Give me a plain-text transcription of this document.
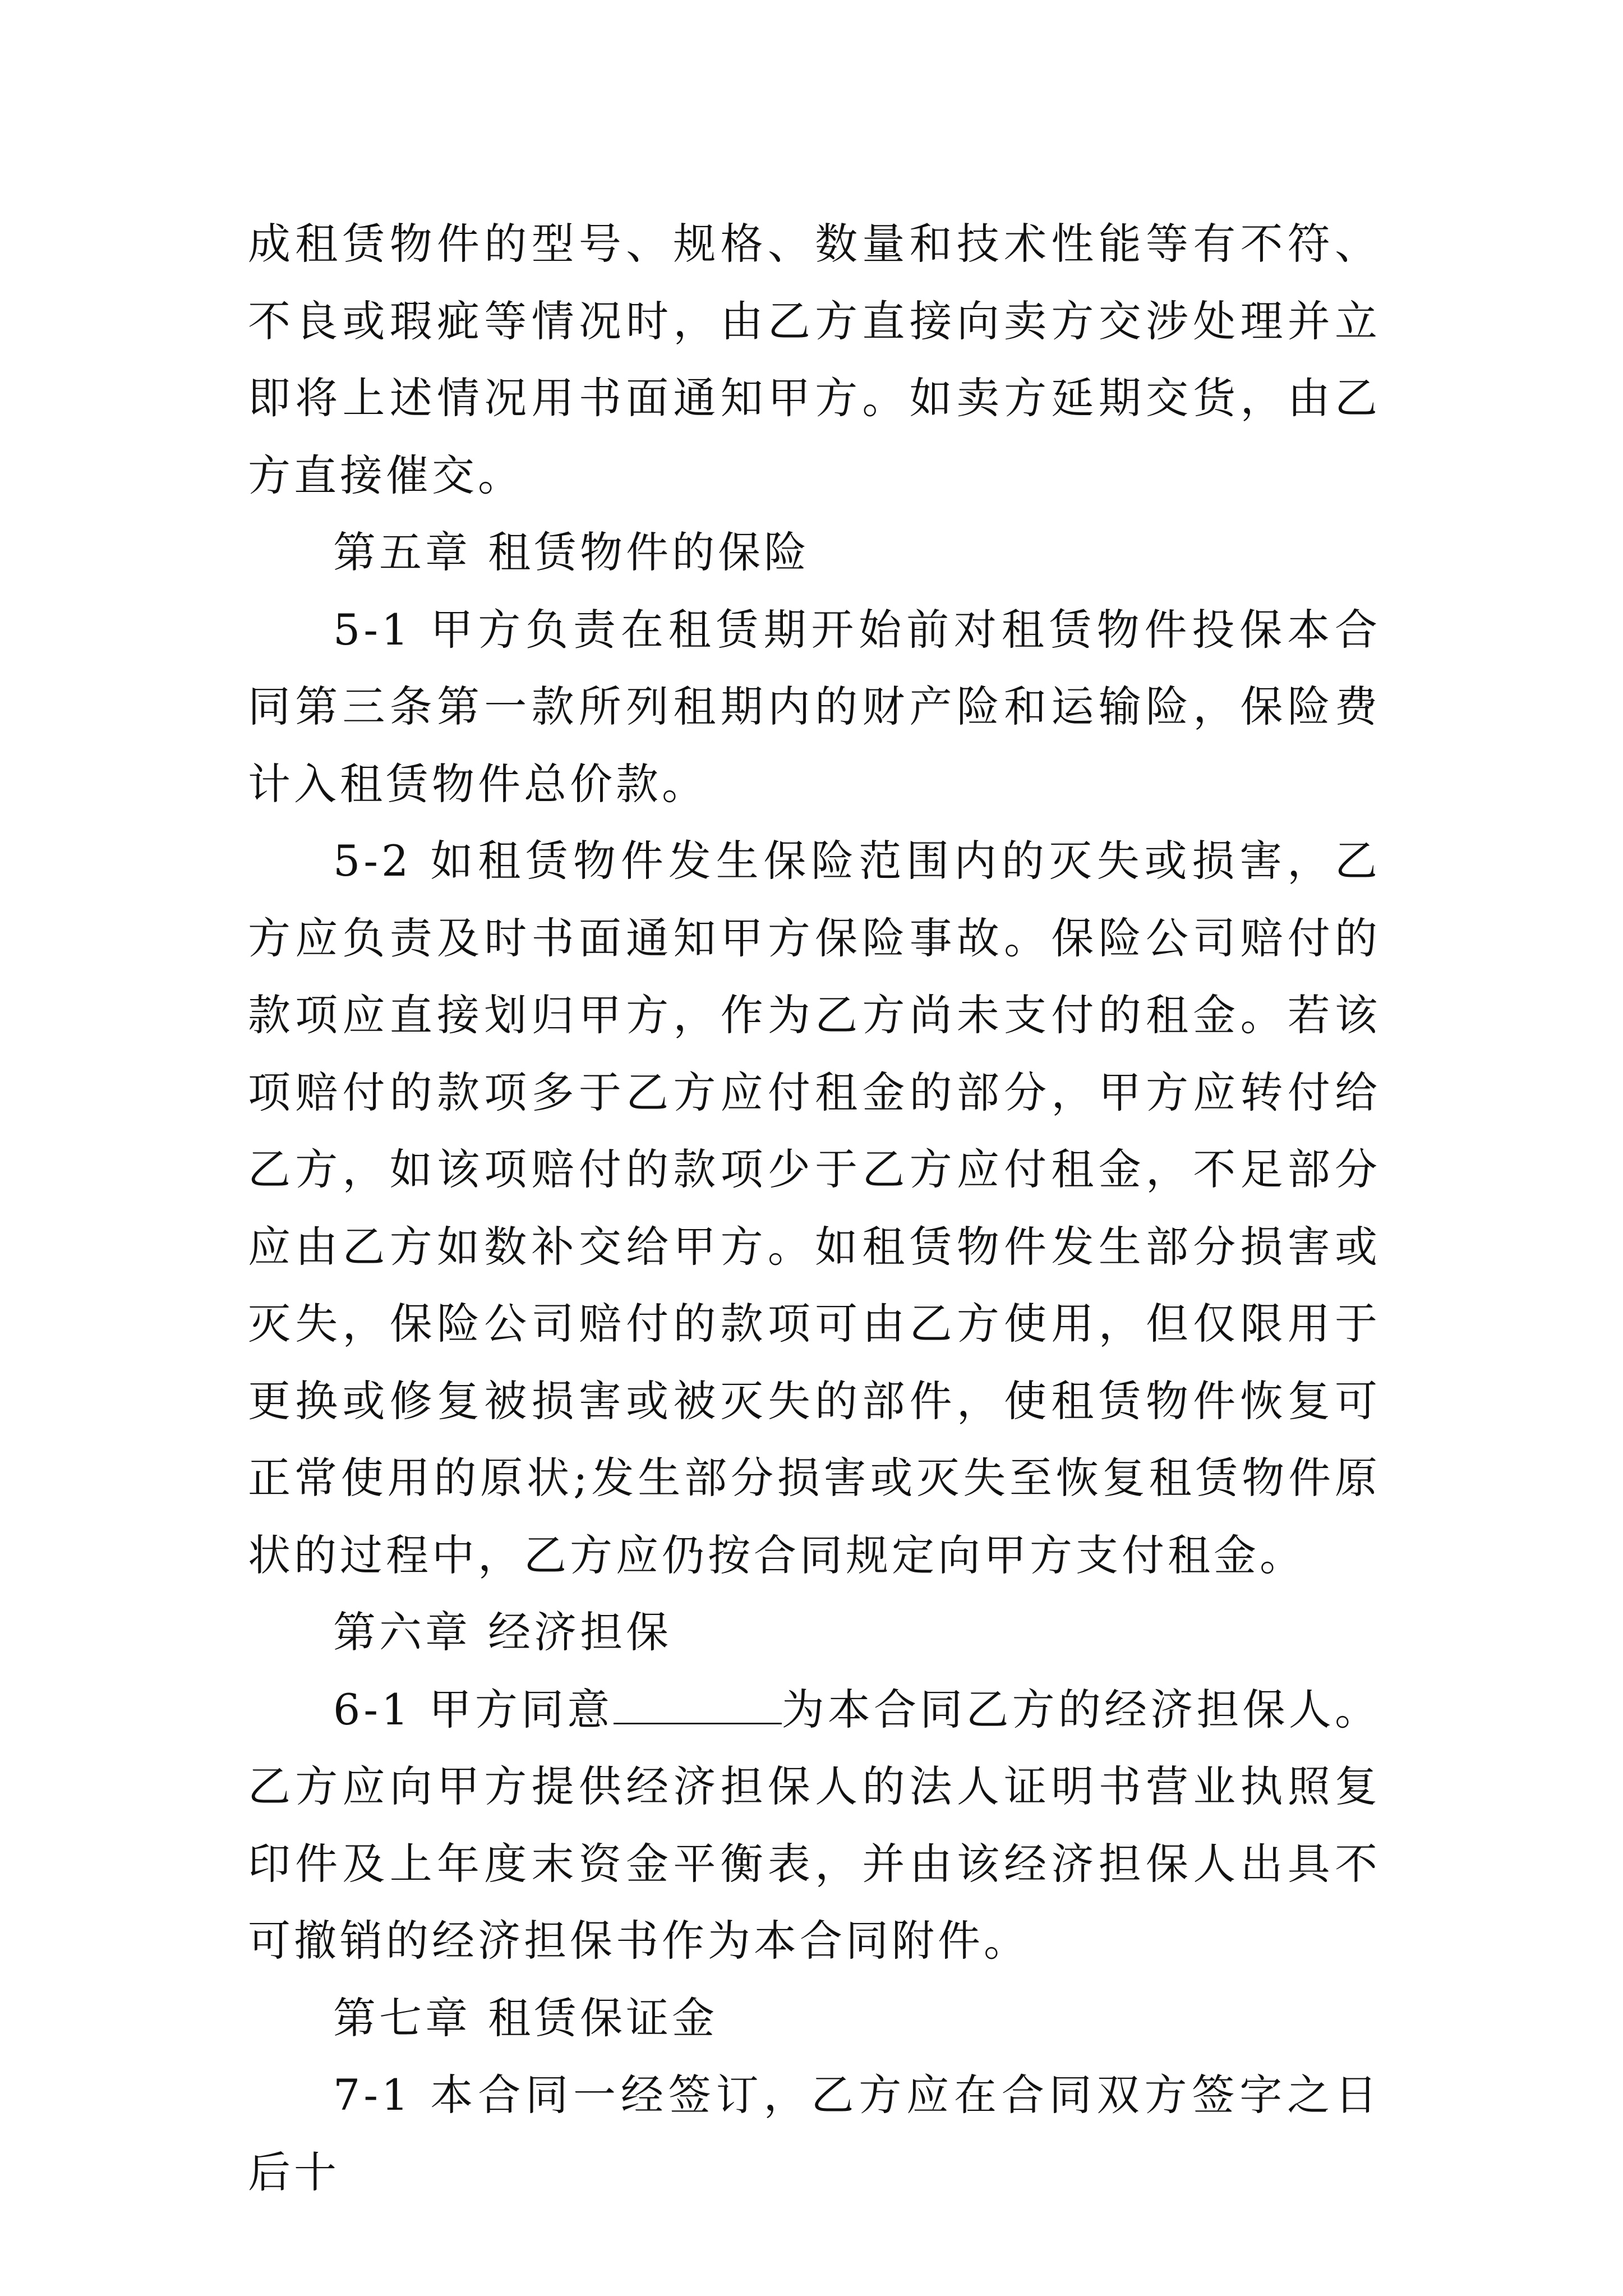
成租赁物件的型号、规格、数量和技术性能等有不符、不良或瑕疵等情况时，由乙方直接向卖方交涉处理并立即将上述情况用书面通知甲方。如卖方延期交货，由乙方直接催交。

第五章 租赁物件的保险

5-1 甲方负责在租赁期开始前对租赁物件投保本合同第三条第一款所列租期内的财产险和运输险，保险费计入租赁物件总价款。

5-2 如租赁物件发生保险范围内的灭失或损害，乙方应负责及时书面通知甲方保险事故。保险公司赔付的款项应直接划归甲方，作为乙方尚未支付的租金。若该项赔付的款项多于乙方应付租金的部分，甲方应转付给乙方，如该项赔付的款项少于乙方应付租金，不足部分应由乙方如数补交给甲方。如租赁物件发生部分损害或灭失，保险公司赔付的款项可由乙方使用，但仅限用于更换或修复被损害或被灭失的部件，使租赁物件恢复可正常使用的原状;发生部分损害或灭失至恢复租赁物件原状的过程中，乙方应仍按合同规定向甲方支付租金。

第六章 经济担保

6-1 甲方同意	为本合同乙方的经济担保人。乙方应向甲方提供经济担保人的法人证明书营业执照复印件及上年度末资金平衡表，并由该经济担保人出具不可撤销的经济担保书作为本合同附件。

第七章 租赁保证金

7-1 本合同一经签订，乙方应在合同双方签字之日后十
